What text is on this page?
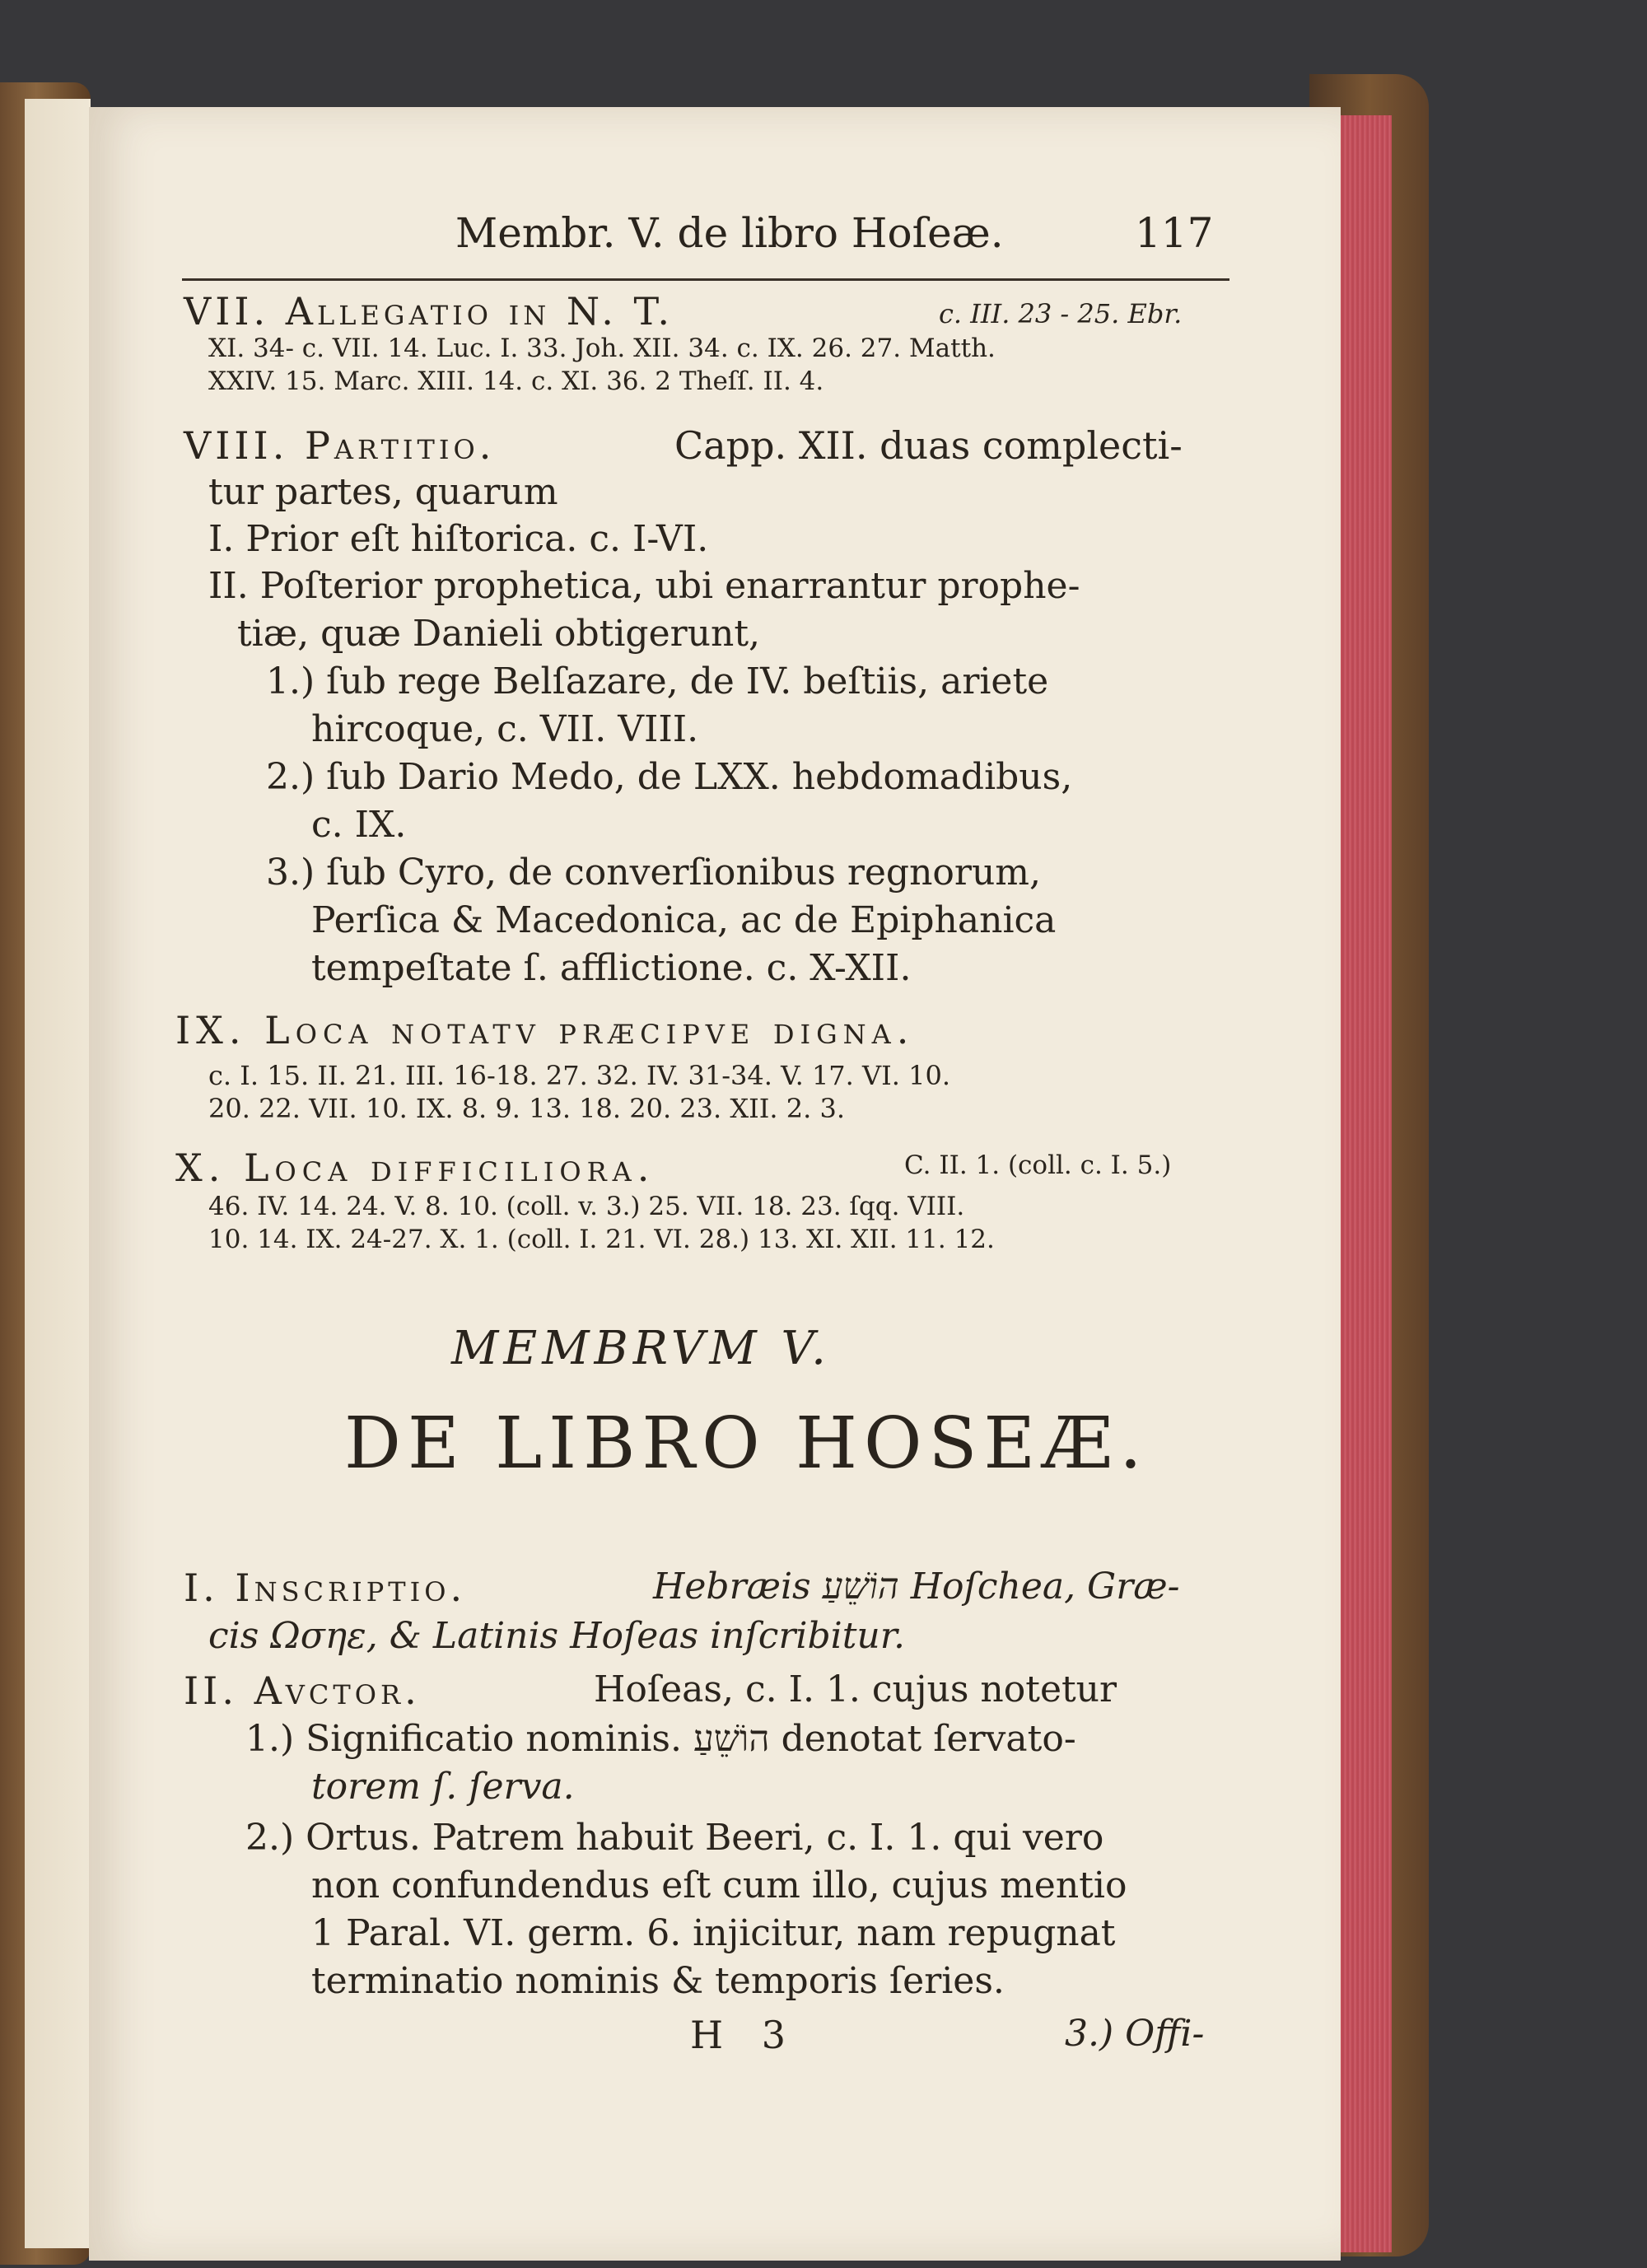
Membr. V. de libro Hoſeæ.	117
VII. Allegatio in N. T.	c. III. 23 - 25. Ebr.
XI. 34- c. VII. 14. Luc. I. 33. Joh. XII. 34. c. IX. 26. 27. Matth.
XXIV. 15. Marc. XIII. 14. c. XI. 36. 2 Theſſ. II. 4.
VIII. Partitio.	Capp. XII. duas complecti-
tur partes, quarum
I. Prior eſt hiſtorica. c. I-VI.
II. Poſterior prophetica, ubi enarrantur prophe-
tiæ, quæ Danieli obtigerunt,
1.) ſub rege Belſazare, de IV. beſtiis, ariete
hircoque, c. VII. VIII.
2.) ſub Dario Medo, de LXX. hebdomadibus,
c. IX.
3.) ſub Cyro, de converſionibus regnorum,
Perſica & Macedonica, ac de Epiphanica
tempeſtate ſ. afflictione. c. X-XII.
IX. Loca notatv præcipve digna.
c. I. 15. II. 21. III. 16-18. 27. 32. IV. 31-34. V. 17. VI. 10.
20. 22. VII. 10. IX. 8. 9. 13. 18. 20. 23. XII. 2. 3.
X. Loca difficiliora.	C. II. 1. (coll. c. I. 5.)
46. IV. 14. 24. V. 8. 10. (coll. v. 3.) 25. VII. 18. 23. ſqq. VIII.
10. 14. IX. 24-27. X. 1. (coll. I. 21. VI. 28.) 13. XI. XII. 11. 12.
MEMBRVM V.
DE LIBRO HOSEÆ.
I. Inscriptio.	Hebræis הוֹשֵׁעַ Hoſchea, Græ-
cis Ωσηε, & Latinis Hoſeas inſcribitur.
II. Avctor.	Hoſeas, c. I. 1. cujus notetur
1.) Significatio nominis. הוֹשֵׁעַ denotat ſervato-
torem ſ. ſerva.
2.) Ortus. Patrem habuit Beeri, c. I. 1. qui vero
non confundendus eſt cum illo, cujus mentio
1 Paral. VI. germ. 6. injicitur, nam repugnat
terminatio nominis & temporis ſeries.
H 3	3.) Offi-
